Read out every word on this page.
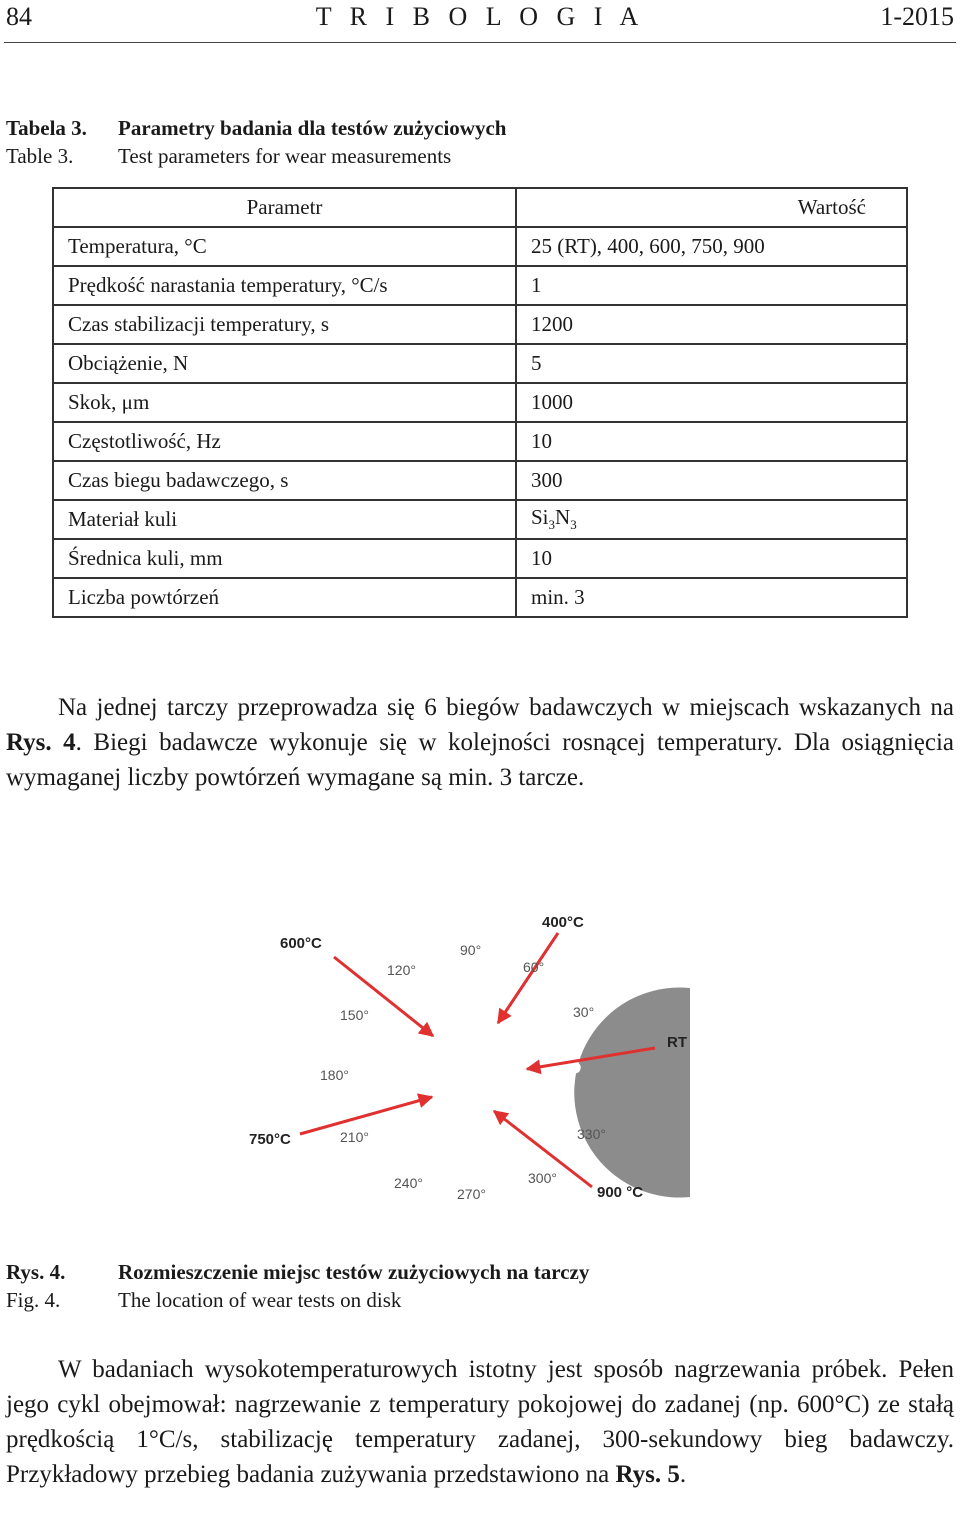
T R I B O L O G I A
84	1-2015
Tabela 3. Parametry badania dla testów zużyciowych
Table 3. Test parameters for wear measurements
Parametr	Wartość
Temperatura, °C	25 (RT), 400, 600, 750, 900
Prędkość narastania temperatury, °C/s	1
Czas stabilizacji temperatury, s	1200
Obciążenie, N	5
Skok, μm	1000
Częstotliwość, Hz	10
Czas biegu badawczego, s	300
Materiał kuli	$Si_3N_3$
Średnica kuli, mm	10
Liczba powtórzeń	min. 3
Na jednej tarczy przeprowadza się 6 biegów badawczych w miejscach wskazanych na Rys. 4. Biegi badawcze wykonuje się w kolejności rosnącej temperatury. Dla osiągnięcia wymaganej liczby powtórzeń wymagane są min. 3 tarcze.
90°
60°
30°
120°
150°
180°
210°
240°
270°
300°
330°
400°C
600°C
RT
750°C
900 °C
Rys. 4.	Rozmieszczenie miejsc testów zużyciowych na tarczy
Fig. 4.	The location of wear tests on disk
W badaniach wysokotemperaturowych istotny jest sposób nagrzewania próbek. Pełen jego cykl obejmował: nagrzewanie z temperatury pokojowej do zadanej (np. 600°C) ze stałą prędkością 1°C/s, stabilizację temperatury zadanej, 300-sekundowy bieg badawczy. Przykładowy przebieg badania zużywania przedstawiono na Rys. 5.
